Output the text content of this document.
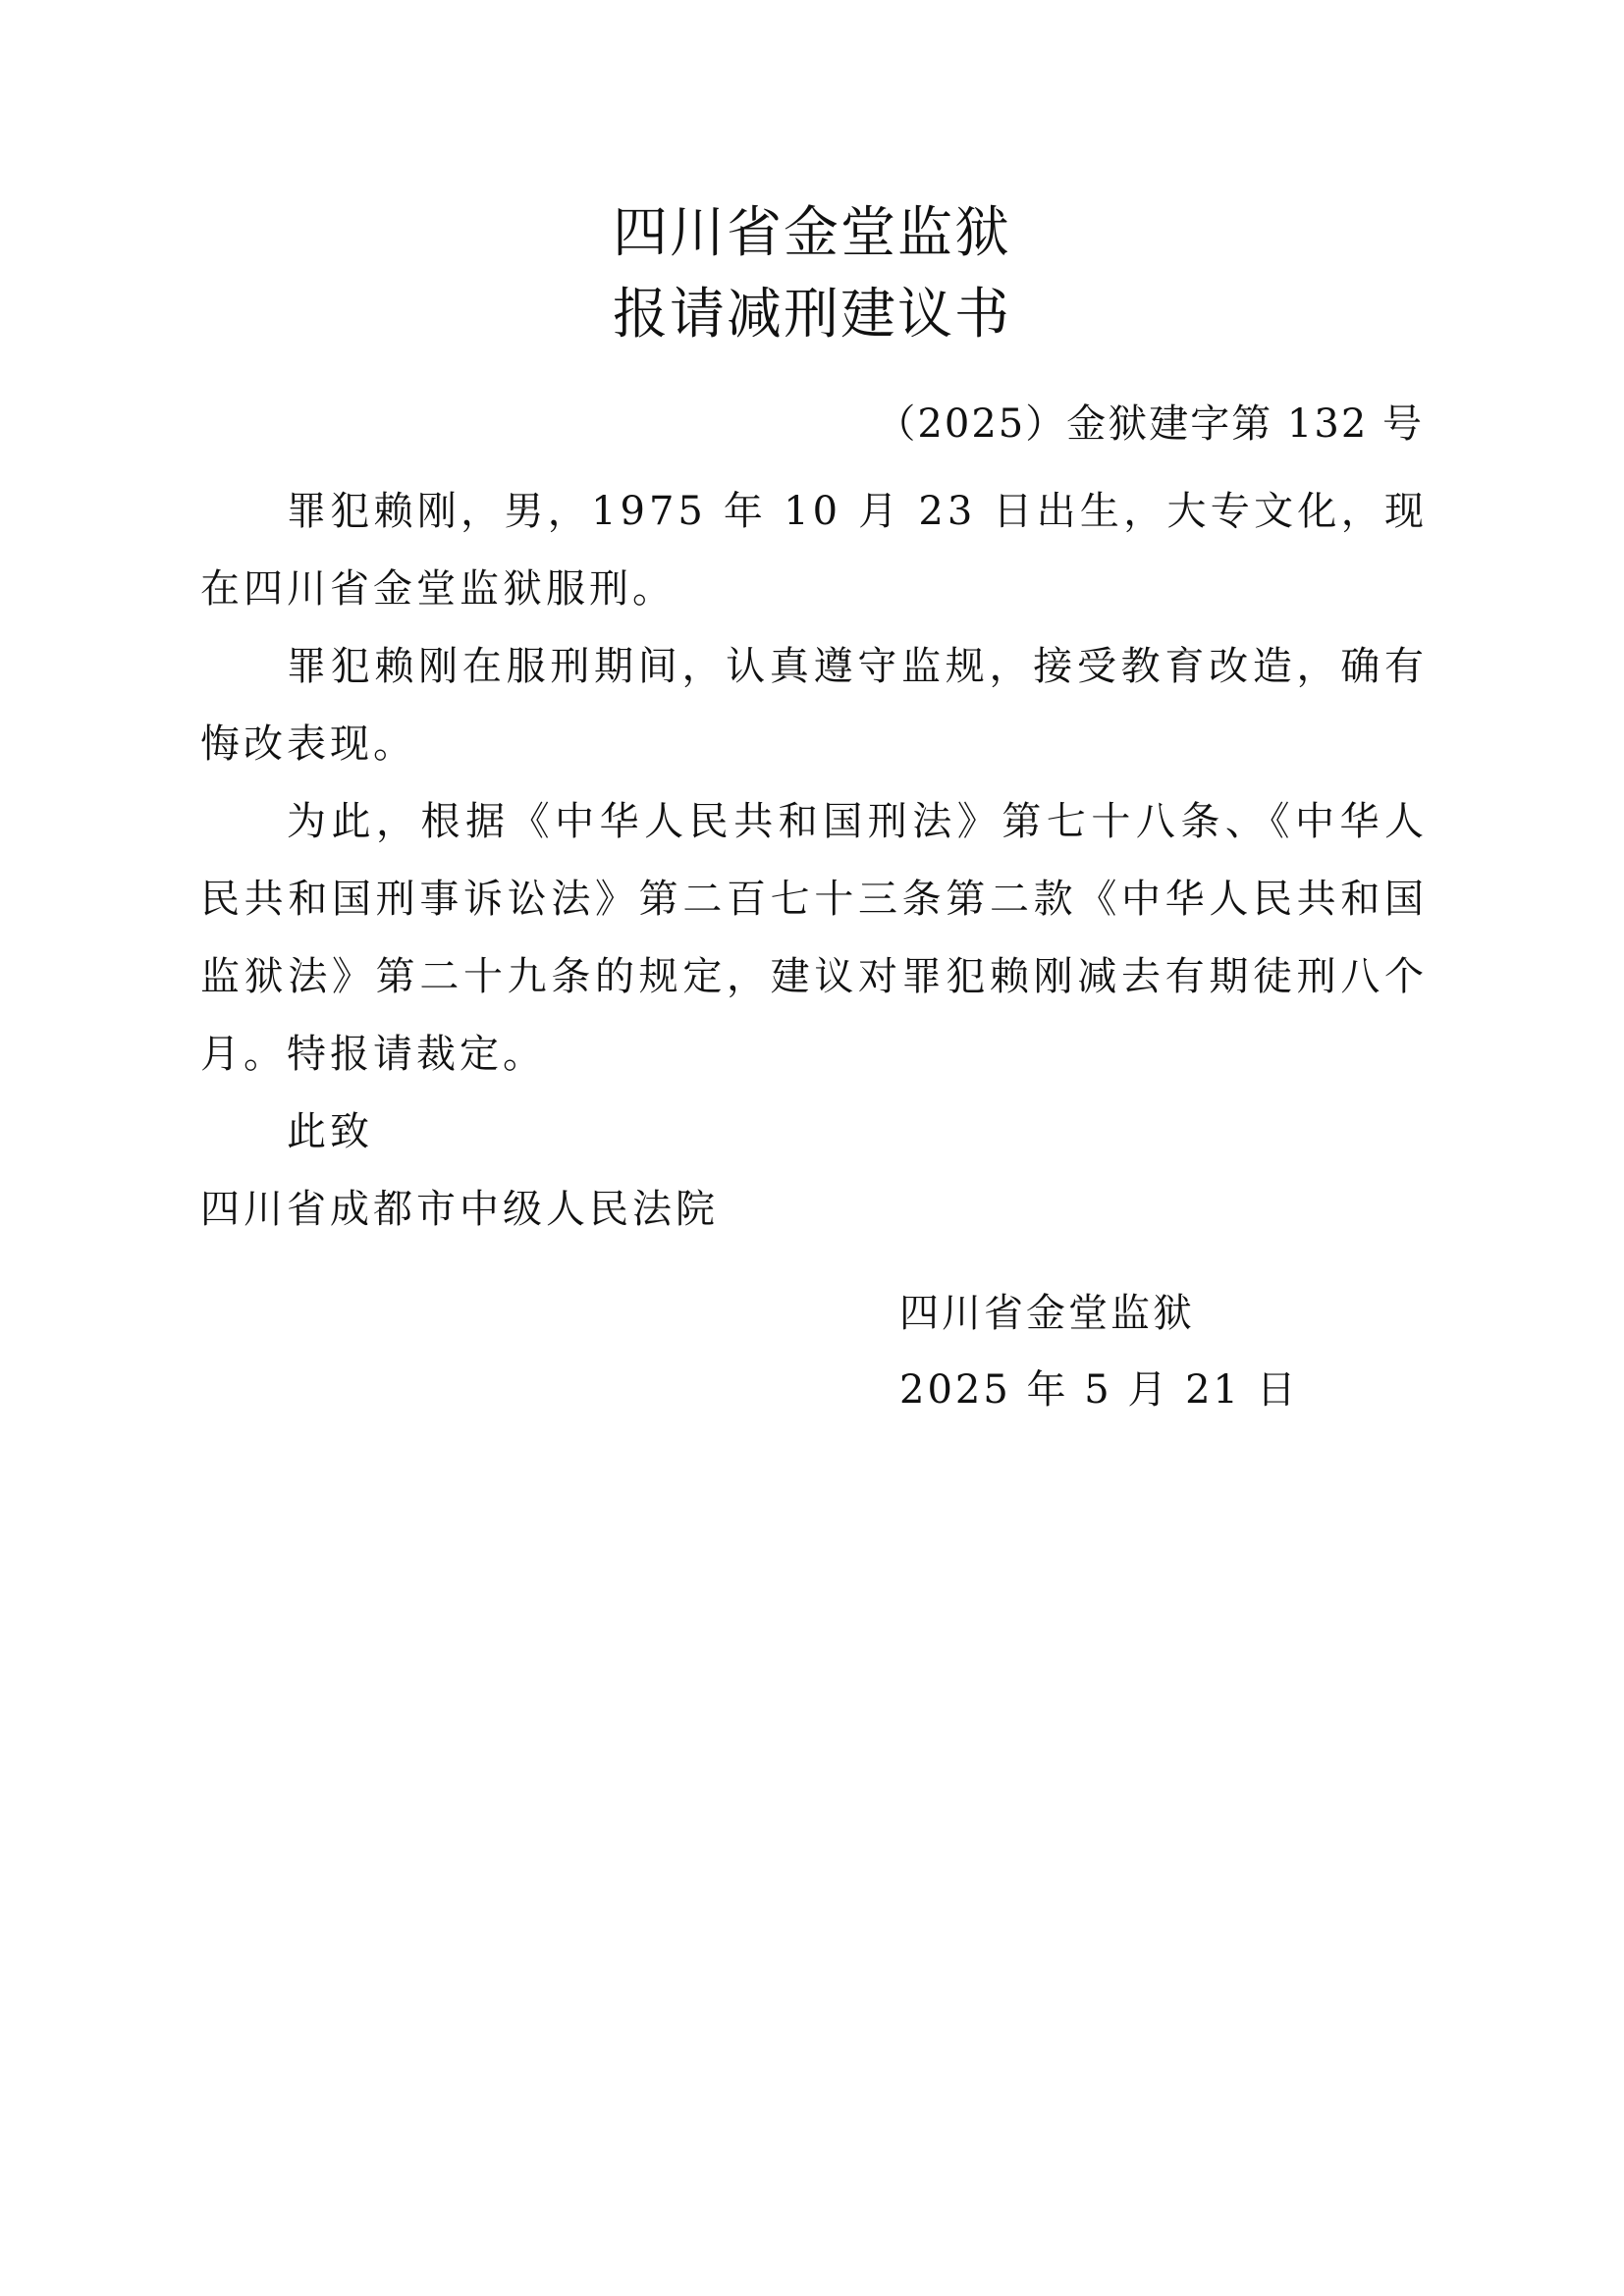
四川省金堂监狱
报请减刑建议书
（2025）金狱建字第 132 号

罪犯赖刚，男，1975 年 10 月 23 日出生，大专文化，现在四川省金堂监狱服刑。

罪犯赖刚在服刑期间，认真遵守监规，接受教育改造，确有悔改表现。

为此，根据《中华人民共和国刑法》第七十八条、《中华人民共和国刑事诉讼法》第二百七十三条第二款《中华人民共和国监狱法》第二十九条的规定，建议对罪犯赖刚减去有期徒刑八个月。特报请裁定。

此致

四川省成都市中级人民法院

四川省金堂监狱
2025 年 5 月 21 日
